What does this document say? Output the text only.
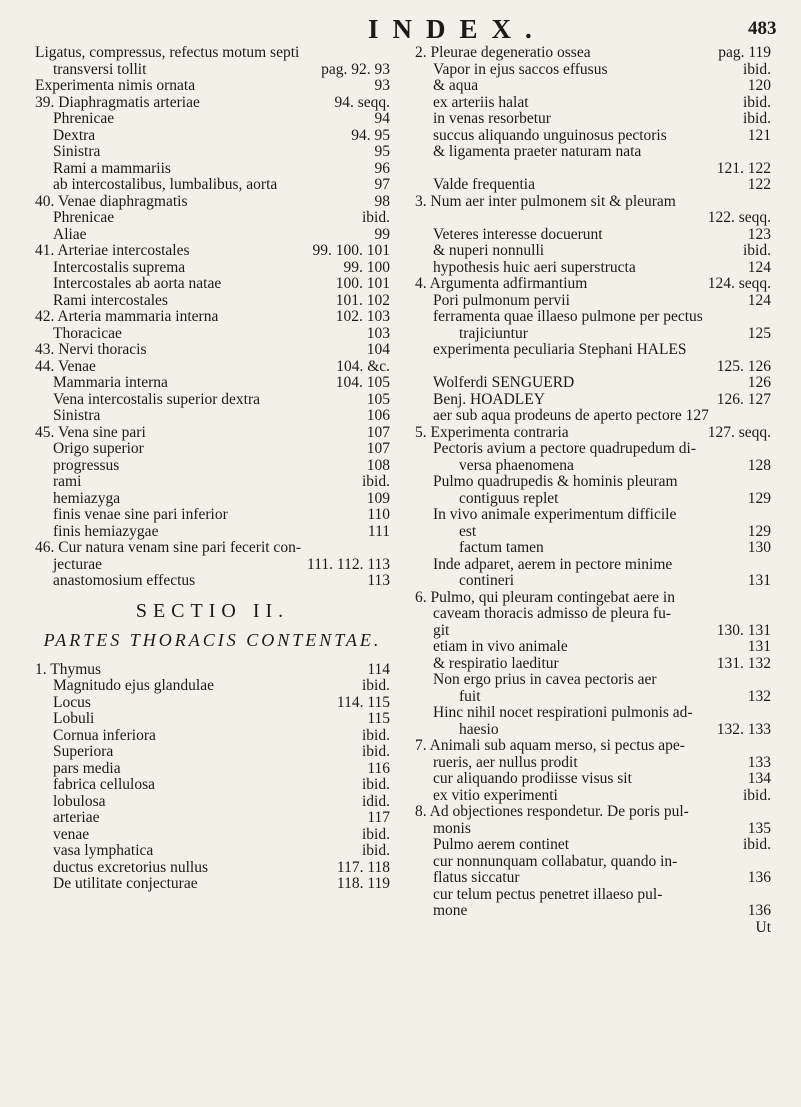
INDEX.	483
Ligatus, compressus, refectus motum septi
transversi tollit	pag. 92. 93
Experimenta nimis ornata	93
39. Diaphragmatis arteriae	94. seqq.
Phrenicae	94
Dextra	94. 95
Sinistra	95
Rami a mammariis	96
ab intercostalibus, lumbalibus, aorta	97
40. Venae diaphragmatis	98
Phrenicae	ibid.
Aliae	99
41. Arteriae intercostales	99. 100. 101
Intercostalis suprema	99. 100
Intercostales ab aorta natae	100. 101
Rami intercostales	101. 102
42. Arteria mammaria interna	102. 103
Thoracicae	103
43. Nervi thoracis	104
44. Venae	104. &c.
Mammaria interna	104. 105
Vena intercostalis superior dextra	105
Sinistra	106
45. Vena sine pari	107
Origo superior	107
progressus	108
rami	ibid.
hemiazyga	109
finis venae sine pari inferior	110
finis hemiazygae	111
46. Cur natura venam sine pari fecerit con-
jecturae	111. 112. 113
anastomosium effectus	113
SECTIO II.
PARTES THORACIS CONTENTAE.
1. Thymus	114
Magnitudo ejus glandulae	ibid.
Locus	114. 115
Lobuli	115
Cornua inferiora	ibid.
Superiora	ibid.
pars media	116
fabrica cellulosa	ibid.
lobulosa	idid.
arteriae	117
venae	ibid.
vasa lymphatica	ibid.
ductus excretorius nullus	117. 118
De utilitate conjecturae	118. 119
2. Pleurae degeneratio ossea	pag. 119
Vapor in ejus saccos effusus	ibid.
& aqua	120
ex arteriis halat	ibid.
in venas resorbetur	ibid.
succus aliquando unguinosus pectoris	121
& ligamenta praeter naturam nata
121. 122
Valde frequentia	122
3. Num aer inter pulmonem sit & pleuram
122. seqq.
Veteres interesse docuerunt	123
& nuperi nonnulli	ibid.
hypothesis huic aeri superstructa	124
4. Argumenta adfirmantium	124. seqq.
Pori pulmonum pervii	124
ferramenta quae illaeso pulmone per pectus
trajiciuntur	125
experimenta peculiaria Stephani HALES
125. 126
Wolferdi SENGUERD	126
Benj. HOADLEY	126. 127
aer sub aqua prodeuns de aperto pectore 127
5. Experimenta contraria	127. seqq.
Pectoris avium a pectore quadrupedum di-
versa phaenomena	128
Pulmo quadrupedis & hominis pleuram
contiguus replet	129
In vivo animale experimentum difficile
est	129
factum tamen	130
Inde adparet, aerem in pectore minime
contineri	131
6. Pulmo, qui pleuram contingebat aere in
caveam thoracis admisso de pleura fu-
git	130. 131
etiam in vivo animale	131
& respiratio laeditur	131. 132
Non ergo prius in cavea pectoris aer
fuit	132
Hinc nihil nocet respirationi pulmonis ad-
haesio	132. 133
7. Animali sub aquam merso, si pectus ape-
rueris, aer nullus prodit	133
cur aliquando prodiisse visus sit	134
ex vitio experimenti	ibid.
8. Ad objectiones respondetur. De poris pul-
monis	135
Pulmo aerem continet	ibid.
cur nonnunquam collabatur, quando in-
flatus siccatur	136
cur telum pectus penetret illaeso pul-
mone	136
Ut
